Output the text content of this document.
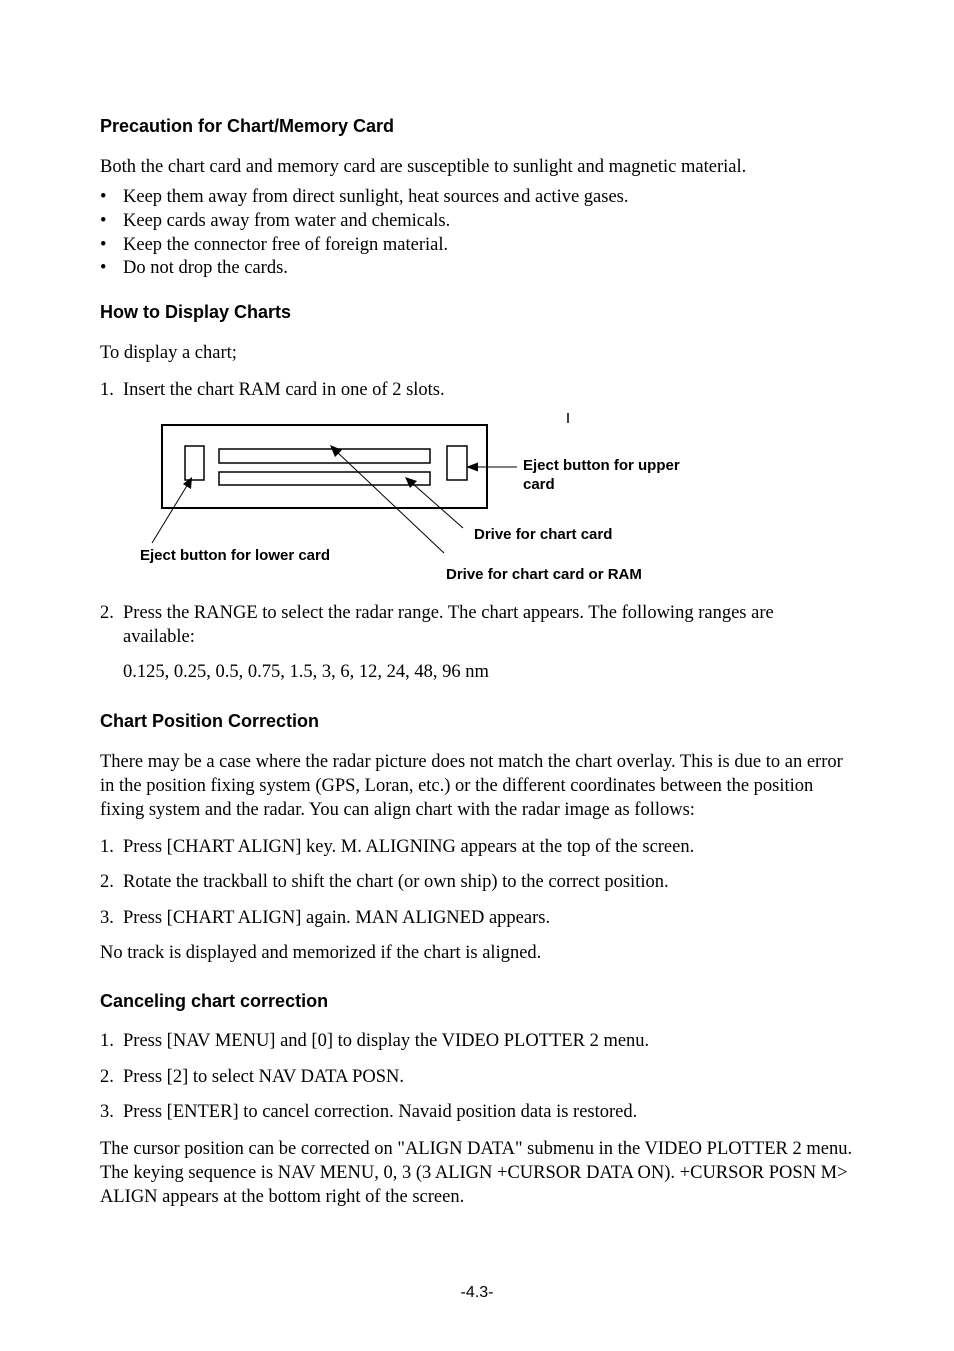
Precaution for Chart/Memory Card

Both the chart card and memory card are susceptible to sunlight and magnetic material.

• Keep them away from direct sunlight, heat sources and active gases.
• Keep cards away from water and chemicals.
• Keep the connector free of foreign material.
• Do not drop the cards.
How to Display Charts

To display a chart;

1. Insert the chart RAM card in one of 2 slots.
Eject button for upper
card
Drive for chart card
Eject button for lower card
Drive for chart card or RAM
2. Press the RANGE to select the radar range. The chart appears. The following ranges are available:

0.125, 0.25, 0.5, 0.75, 1.5, 3, 6, 12, 24, 48, 96 nm

Chart Position Correction

There may be a case where the radar picture does not match the chart overlay. This is due to an error in the position fixing system (GPS, Loran, etc.) or the different coordinates between the position fixing system and the radar. You can align chart with the radar image as follows:

1. Press [CHART ALIGN] key. M. ALIGNING appears at the top of the screen.
2. Rotate the trackball to shift the chart (or own ship) to the correct position.
3. Press [CHART ALIGN] again. MAN ALIGNED appears.

No track is displayed and memorized if the chart is aligned.

Canceling chart correction
1. Press [NAV MENU] and [0] to display the VIDEO PLOTTER 2 menu.
2. Press [2] to select NAV DATA POSN.
3. Press [ENTER] to cancel correction. Navaid position data is restored.

The cursor position can be corrected on "ALIGN DATA" submenu in the VIDEO PLOTTER 2 menu. The keying sequence is NAV MENU, 0, 3 (3 ALIGN +CURSOR DATA ON). +CURSOR POSN M> ALIGN appears at the bottom right of the screen.

-4.3-
